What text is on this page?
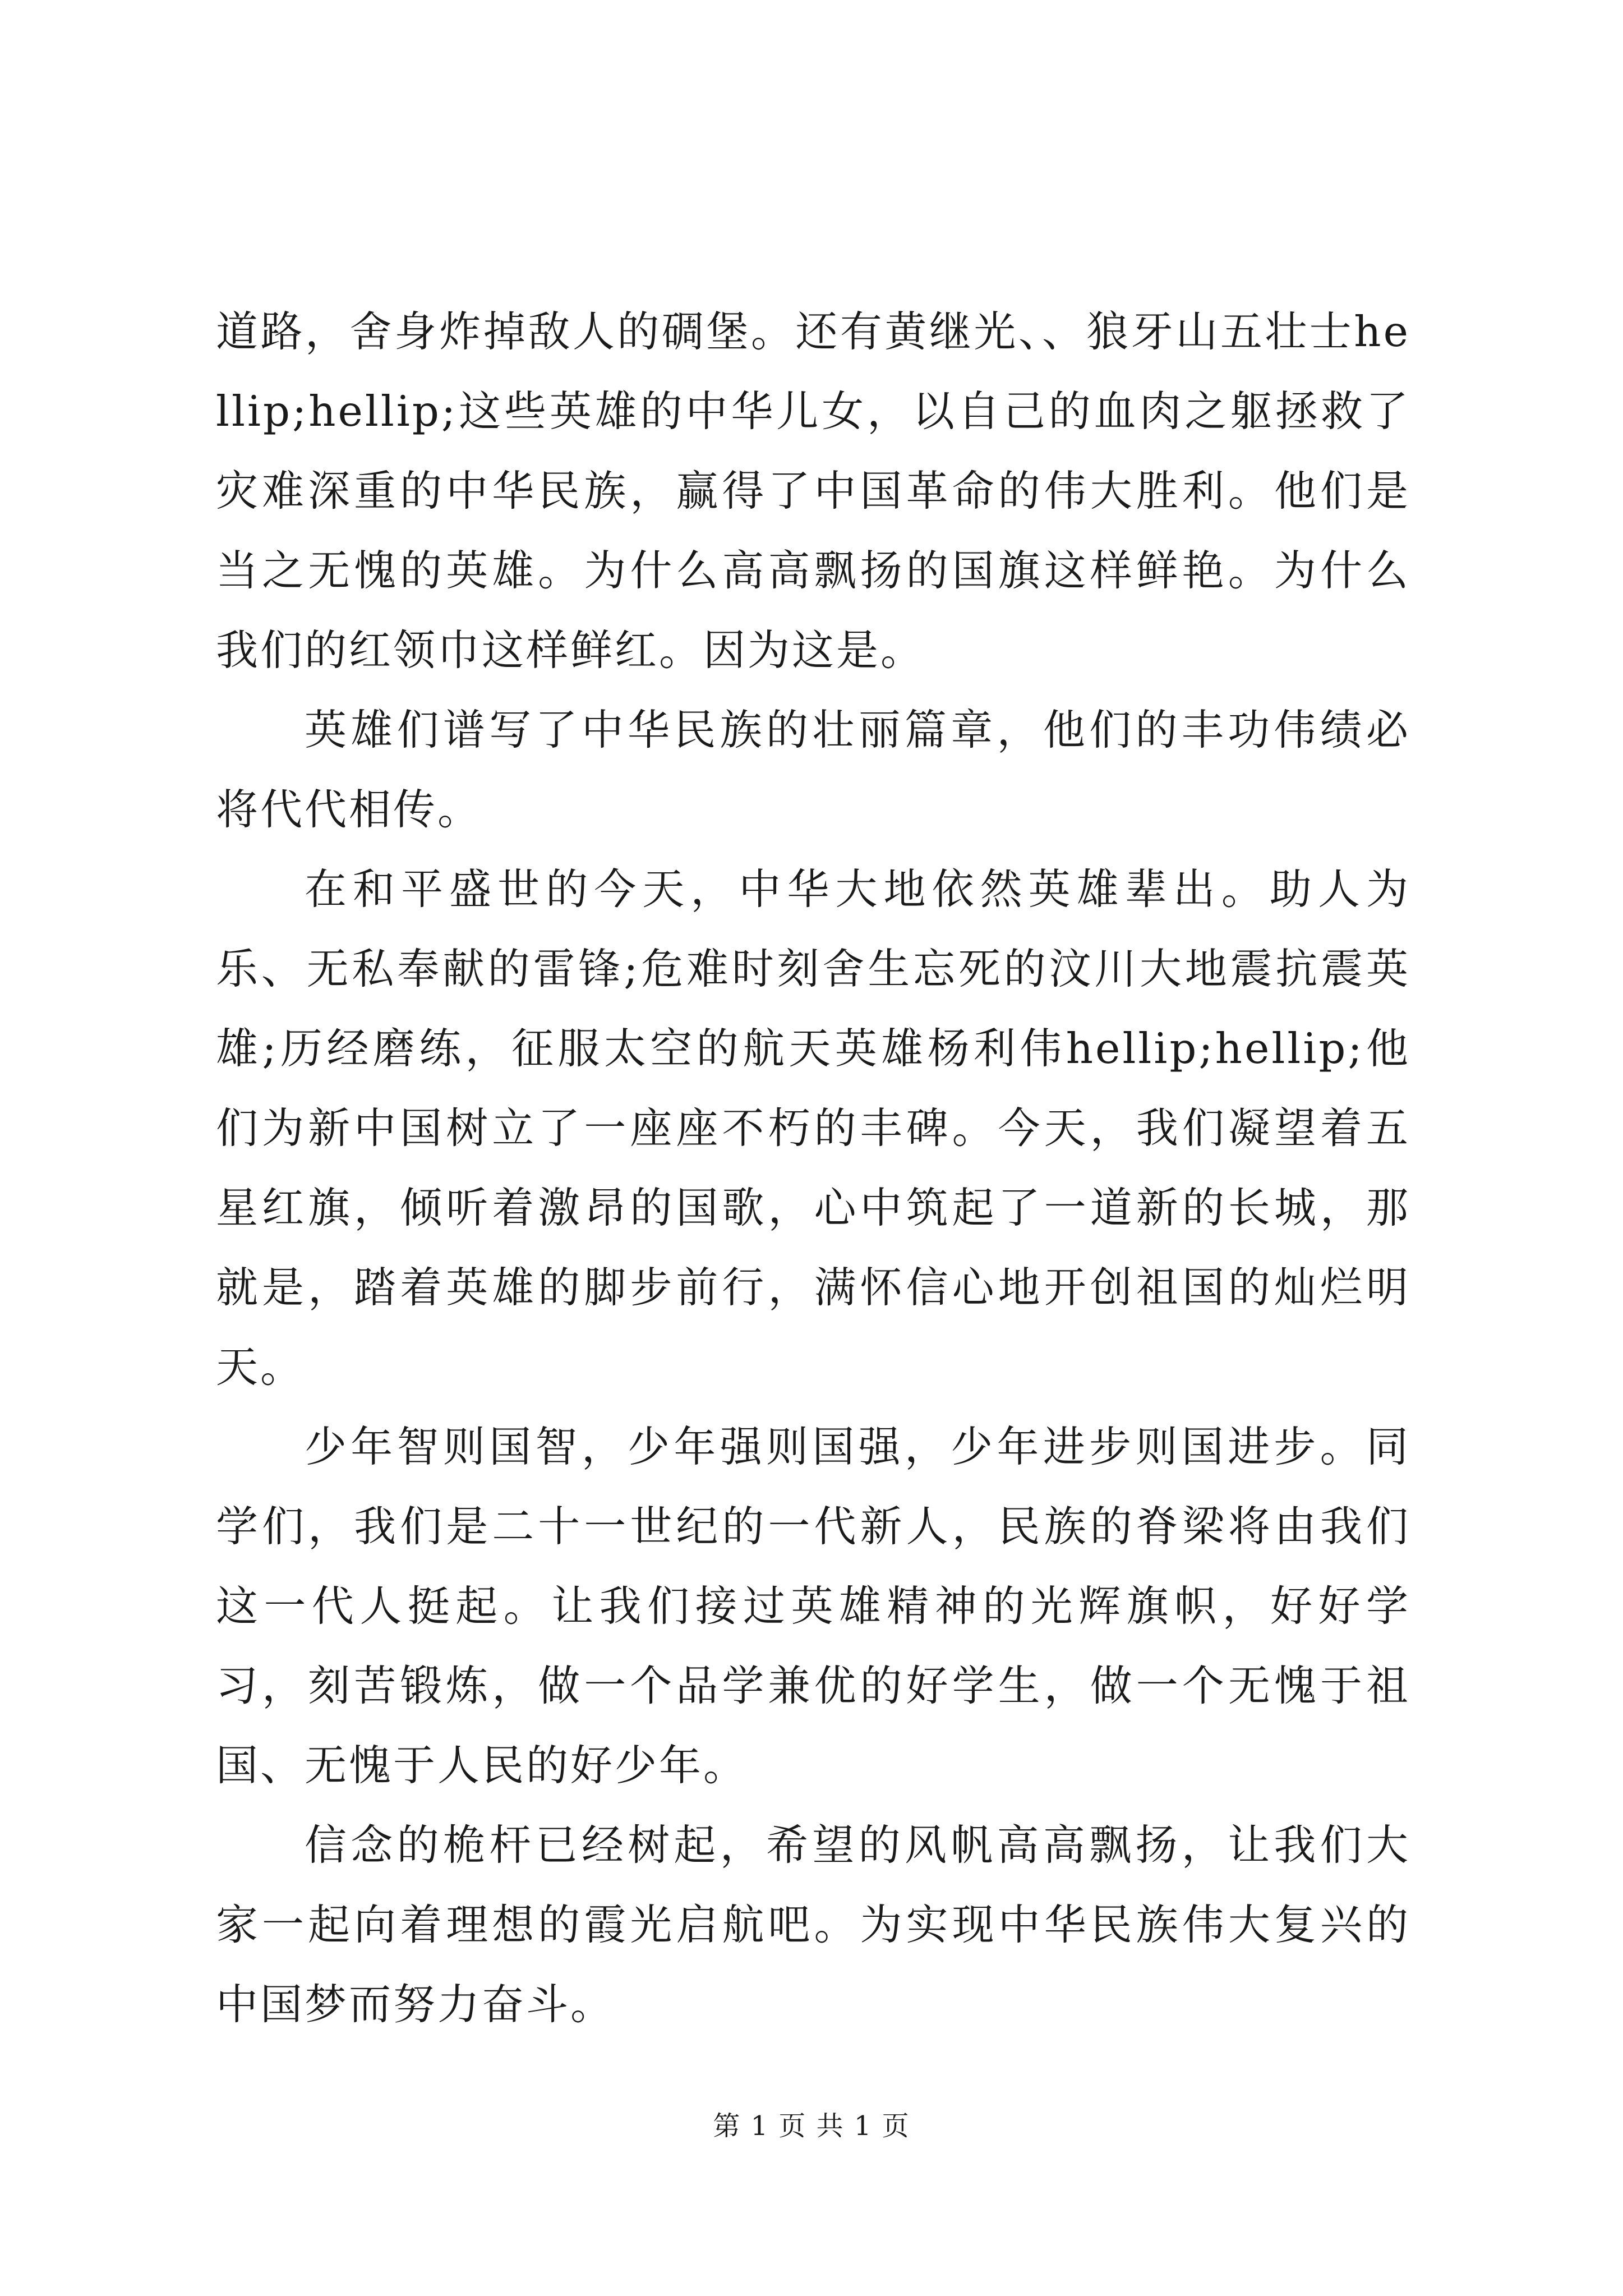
道路，舍身炸掉敌人的碉堡。还有黄继光、、狼牙山五壮士hellip;hellip;这些英雄的中华儿女，以自己的血肉之躯拯救了灾难深重的中华民族，赢得了中国革命的伟大胜利。他们是当之无愧的英雄。为什么高高飘扬的国旗这样鲜艳。为什么我们的红领巾这样鲜红。因为这是。

英雄们谱写了中华民族的壮丽篇章，他们的丰功伟绩必将代代相传。

在和平盛世的今天，中华大地依然英雄辈出。助人为乐、无私奉献的雷锋;危难时刻舍生忘死的汶川大地震抗震英雄;历经磨练，征服太空的航天英雄杨利伟hellip;hellip;他们为新中国树立了一座座不朽的丰碑。今天，我们凝望着五星红旗，倾听着激昂的国歌，心中筑起了一道新的长城，那就是，踏着英雄的脚步前行，满怀信心地开创祖国的灿烂明天。

少年智则国智，少年强则国强，少年进步则国进步。同学们，我们是二十一世纪的一代新人，民族的脊梁将由我们这一代人挺起。让我们接过英雄精神的光辉旗帜，好好学习，刻苦锻炼，做一个品学兼优的好学生，做一个无愧于祖国、无愧于人民的好少年。

信念的桅杆已经树起，希望的风帆高高飘扬，让我们大家一起向着理想的霞光启航吧。为实现中华民族伟大复兴的中国梦而努力奋斗。

第 1 页 共 1 页
